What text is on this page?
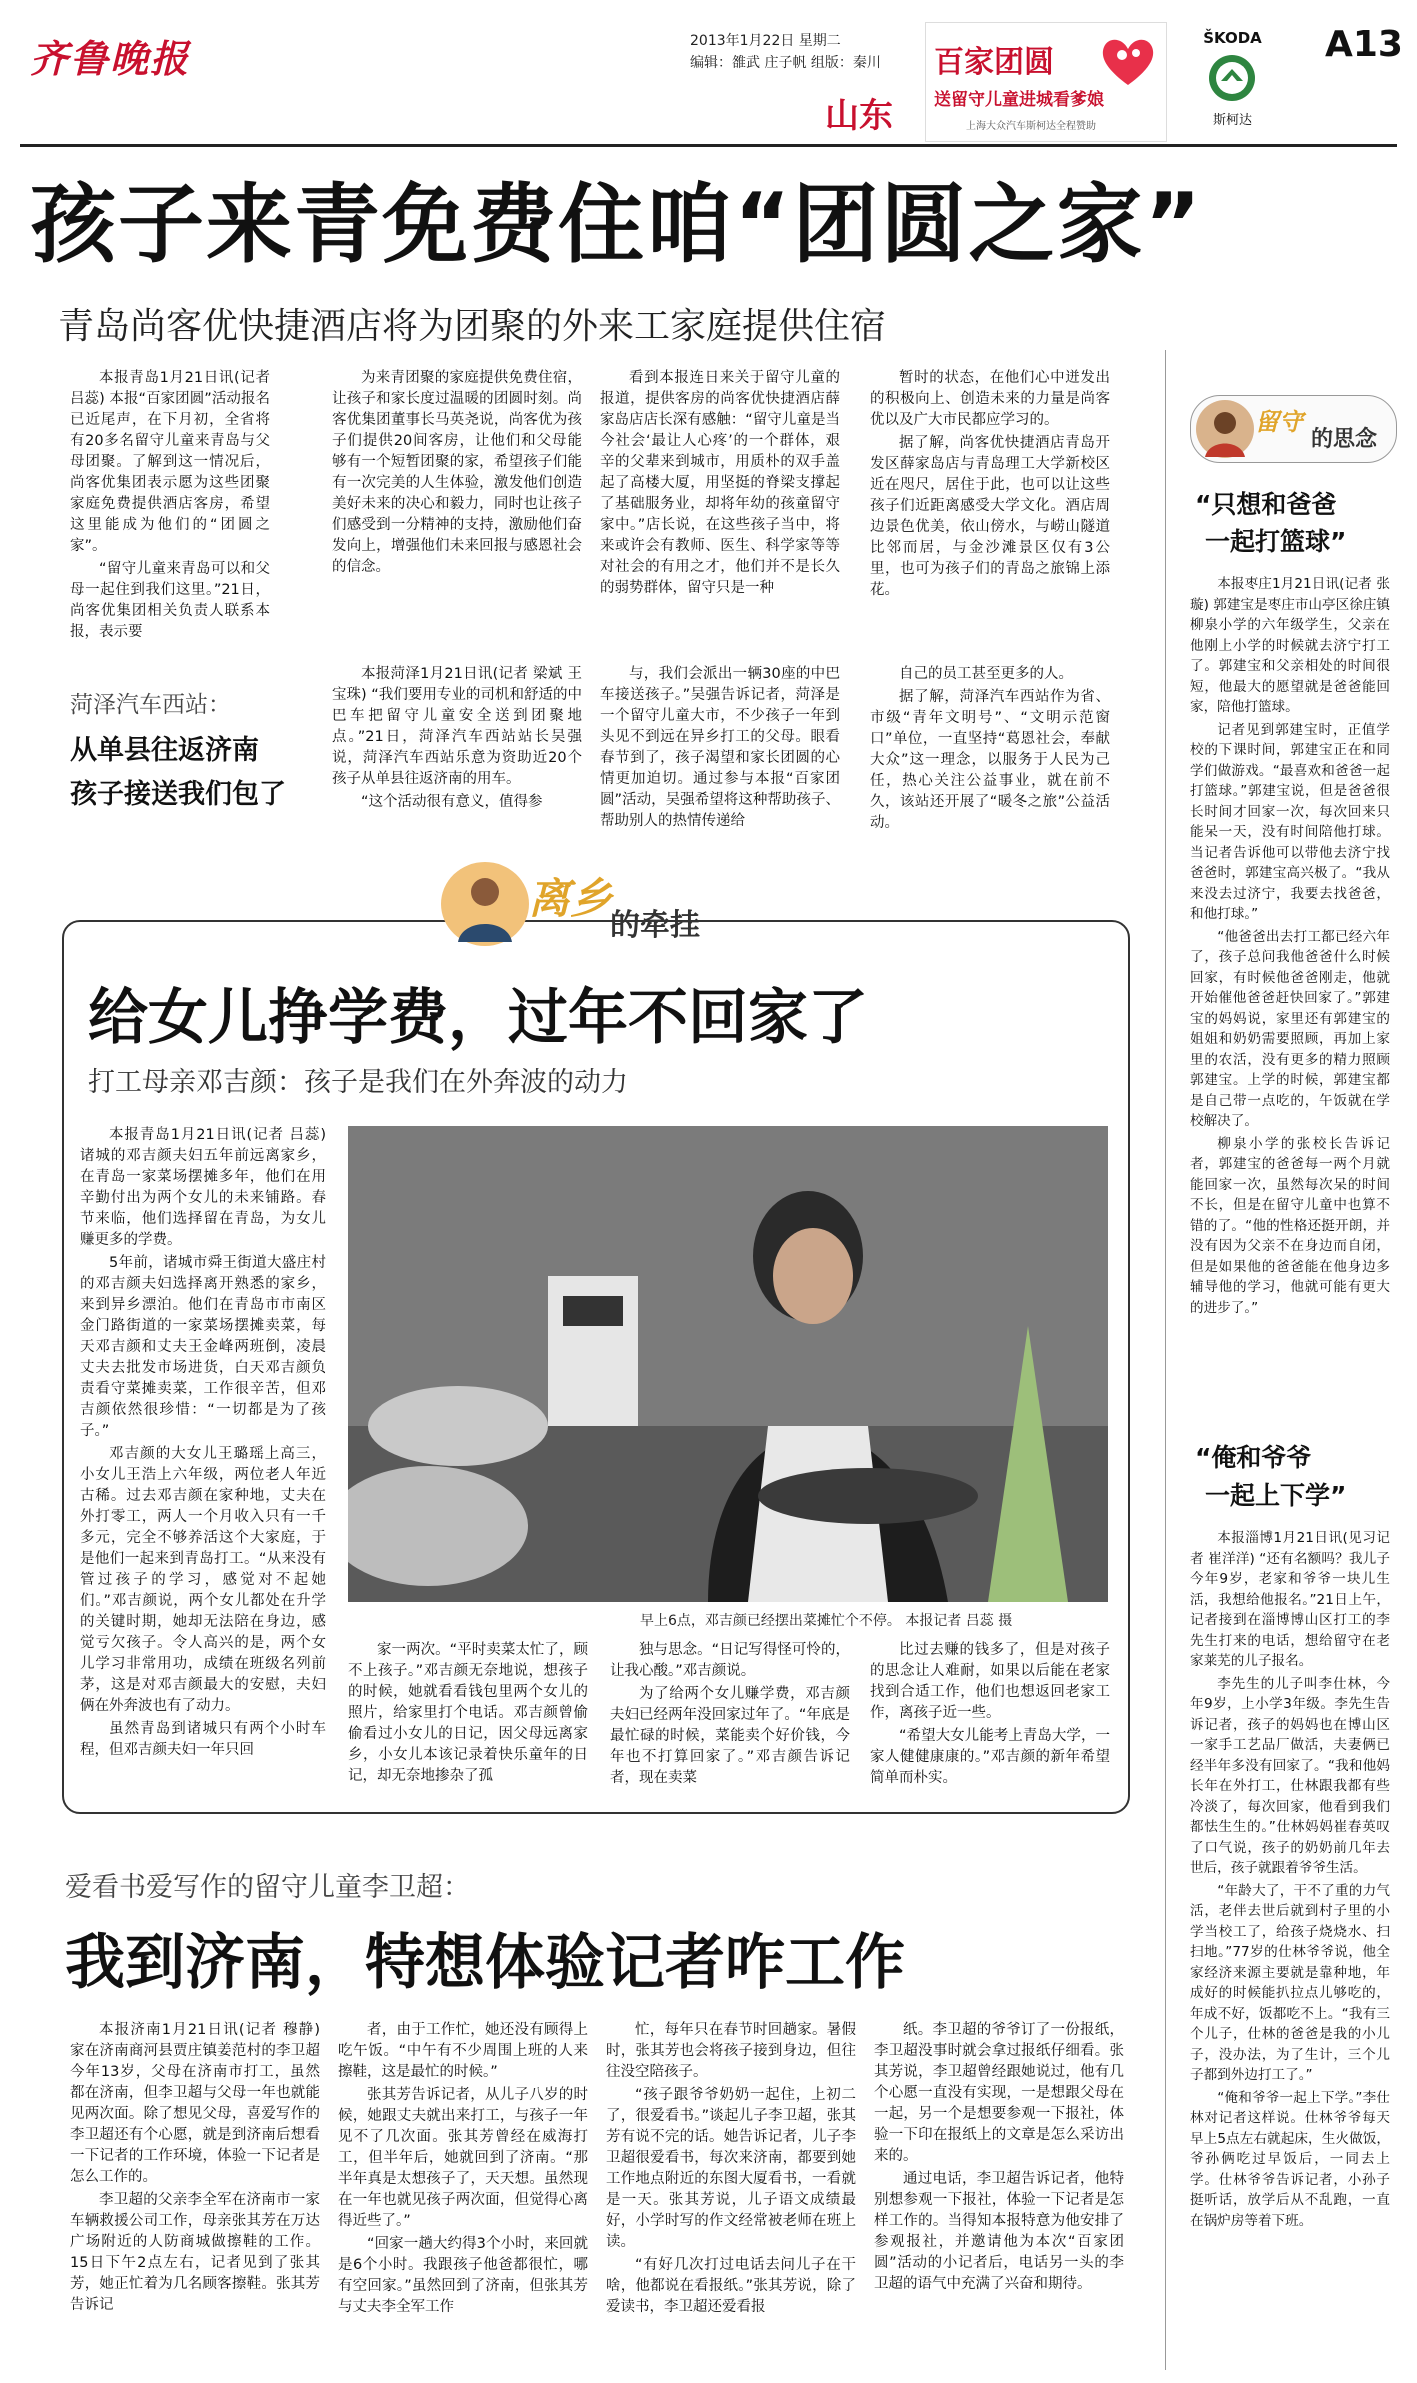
齐鲁晚报	2013年1月22日 星期二
编辑：雒武 庄子帆 组版：秦川
山东
百家团圆
送留守儿童进城看爹娘
上海大众汽车斯柯达全程赞助
ŠKODA
斯柯达
A13
孩子来青免费住咱“团圆之家”
青岛尚客优快捷酒店将为团聚的外来工家庭提供住宿

本报青岛1月21日讯(记者 吕蕊) 本报“百家团圆”活动报名已近尾声，在下月初，全省将有20多名留守儿童来青岛与父母团聚。了解到这一情况后，尚客优集团表示愿为这些团聚家庭免费提供酒店客房，希望这里能成为他们的“团圆之家”。

“留守儿童来青岛可以和父母一起住到我们这里。”21日，尚客优集团相关负责人联系本报，表示要

为来青团聚的家庭提供免费住宿，让孩子和家长度过温暖的团圆时刻。尚客优集团董事长马英尧说，尚客优为孩子们提供20间客房，让他们和父母能够有一个短暂团聚的家，希望孩子们能有一次完美的人生体验，激发他们创造美好未来的决心和毅力，同时也让孩子们感受到一分精神的支持，激励他们奋发向上，增强他们未来回报与感恩社会的信念。

看到本报连日来关于留守儿童的报道，提供客房的尚客优快捷酒店薛家岛店店长深有感触：“留守儿童是当今社会‘最让人心疼’的一个群体，艰辛的父辈来到城市，用质朴的双手盖起了高楼大厦，用坚挺的脊梁支撑起了基础服务业，却将年幼的孩童留守家中。”店长说，在这些孩子当中，将来或许会有教师、医生、科学家等等对社会的有用之才，他们并不是长久的弱势群体，留守只是一种

暂时的状态，在他们心中迸发出的积极向上、创造未来的力量是尚客优以及广大市民都应学习的。

据了解，尚客优快捷酒店青岛开发区薛家岛店与青岛理工大学新校区近在咫尺，居住于此，也可以让这些孩子们近距离感受大学文化。酒店周边景色优美，依山傍水，与崂山隧道比邻而居，与金沙滩景区仅有3公里，也可为孩子们的青岛之旅锦上添花。

菏泽汽车西站：
从单县往返济南
孩子接送我们包了

本报菏泽1月21日讯(记者 梁斌 王宝珠) “我们要用专业的司机和舒适的中巴车把留守儿童安全送到团聚地点。”21日，菏泽汽车西站站长吴强说，菏泽汽车西站乐意为资助近20个孩子从单县往返济南的用车。

“这个活动很有意义，值得参

与，我们会派出一辆30座的中巴车接送孩子。”吴强告诉记者，菏泽是一个留守儿童大市，不少孩子一年到头见不到远在异乡打工的父母。眼看春节到了，孩子渴望和家长团圆的心情更加迫切。通过参与本报“百家团圆”活动，吴强希望将这种帮助孩子、帮助别人的热情传递给

自己的员工甚至更多的人。

据了解，菏泽汽车西站作为省、市级“青年文明号”、“文明示范窗口”单位，一直坚持“葛恩社会，奉献大众”这一理念，以服务于人民为己任，热心关注公益事业，就在前不久，该站还开展了“暖冬之旅”公益活动。

离乡
的牵挂
给女儿挣学费，过年不回家了
打工母亲邓吉颜：孩子是我们在外奔波的动力

本报青岛1月21日讯(记者 吕蕊) 诸城的邓吉颜夫妇五年前远离家乡，在青岛一家菜场摆摊多年，他们在用辛勤付出为两个女儿的未来铺路。春节来临，他们选择留在青岛，为女儿赚更多的学费。

5年前，诸城市舜王街道大盛庄村的邓吉颜夫妇选择离开熟悉的家乡，来到异乡漂泊。他们在青岛市市南区金门路街道的一家菜场摆摊卖菜，每天邓吉颜和丈夫王金峰两班倒，凌晨丈夫去批发市场进货，白天邓吉颜负责看守菜摊卖菜，工作很辛苦，但邓吉颜依然很珍惜：“一切都是为了孩子。”

邓吉颜的大女儿王璐瑶上高三，小女儿王浩上六年级，两位老人年近古稀。过去邓吉颜在家种地，丈夫在外打零工，两人一个月收入只有一千多元，完全不够养活这个大家庭，于是他们一起来到青岛打工。“从来没有管过孩子的学习，感觉对不起她们。”邓吉颜说，两个女儿都处在升学的关键时期，她却无法陪在身边，感觉亏欠孩子。令人高兴的是，两个女儿学习非常用功，成绩在班级名列前茅，这是对邓吉颜最大的安慰，夫妇俩在外奔波也有了动力。

虽然青岛到诸城只有两个小时车程，但邓吉颜夫妇一年只回

早上6点，邓吉颜已经摆出菜摊忙个不停。 本报记者 吕蕊 摄

家一两次。“平时卖菜太忙了，顾不上孩子。”邓吉颜无奈地说，想孩子的时候，她就看看钱包里两个女儿的照片，给家里打个电话。邓吉颜曾偷偷看过小女儿的日记，因父母远离家乡，小女儿本该记录着快乐童年的日记，却无奈地掺杂了孤

独与思念。“日记写得怪可怜的，让我心酸。”邓吉颜说。

为了给两个女儿赚学费，邓吉颜夫妇已经两年没回家过年了。“年底是最忙碌的时候，菜能卖个好价钱，今年也不打算回家了。”邓吉颜告诉记者，现在卖菜

比过去赚的钱多了，但是对孩子的思念让人难耐，如果以后能在老家找到合适工作，他们也想返回老家工作，离孩子近一些。

“希望大女儿能考上青岛大学，一家人健健康康的。”邓吉颜的新年希望简单而朴实。

爱看书爱写作的留守儿童李卫超：
我到济南，特想体验记者咋工作

本报济南1月21日讯(记者 穆静) 家在济南商河县贾庄镇姜范村的李卫超今年13岁，父母在济南市打工，虽然都在济南，但李卫超与父母一年也就能见两次面。除了想见父母，喜爱写作的李卫超还有个心愿，就是到济南后想看一下记者的工作环境，体验一下记者是怎么工作的。

李卫超的父亲李全军在济南市一家车辆救援公司工作，母亲张其芳在万达广场附近的人防商城做擦鞋的工作。15日下午2点左右，记者见到了张其芳，她正忙着为几名顾客擦鞋。张其芳告诉记

者，由于工作忙，她还没有顾得上吃午饭。“中午有不少周围上班的人来擦鞋，这是最忙的时候。”

张其芳告诉记者，从儿子八岁的时候，她跟丈夫就出来打工，与孩子一年见不了几次面。张其芳曾经在威海打工，但半年后，她就回到了济南。“那半年真是太想孩子了，天天想。虽然现在一年也就见孩子两次面，但觉得心离得近些了。”

“回家一趟大约得3个小时，来回就是6个小时。我跟孩子他爸都很忙，哪有空回家。”虽然回到了济南，但张其芳与丈夫李全军工作

忙，每年只在春节时回趟家。暑假时，张其芳也会将孩子接到身边，但往往没空陪孩子。

“孩子跟爷爷奶奶一起住，上初二了，很爱看书。”谈起儿子李卫超，张其芳有说不完的话。她告诉记者，儿子李卫超很爱看书，每次来济南，都要到她工作地点附近的东图大厦看书，一看就是一天。张其芳说，儿子语文成绩最好，小学时写的作文经常被老师在班上读。

“有好几次打过电话去问儿子在干啥，他都说在看报纸。”张其芳说，除了爱读书，李卫超还爱看报

纸。李卫超的爷爷订了一份报纸，李卫超没事时就会拿过报纸仔细看。张其芳说，李卫超曾经跟她说过，他有几个心愿一直没有实现，一是想跟父母在一起，另一个是想要参观一下报社，体验一下印在报纸上的文章是怎么采访出来的。

通过电话，李卫超告诉记者，他特别想参观一下报社，体验一下记者是怎样工作的。当得知本报特意为他安排了参观报社，并邀请他为本次“百家团圆”活动的小记者后，电话另一头的李卫超的语气中充满了兴奋和期待。

留守
的思念
“只想和爸爸
一起打篮球”

本报枣庄1月21日讯(记者 张璇) 郭建宝是枣庄市山亭区徐庄镇柳泉小学的六年级学生，父亲在他刚上小学的时候就去济宁打工了。郭建宝和父亲相处的时间很短，他最大的愿望就是爸爸能回家，陪他打篮球。

记者见到郭建宝时，正值学校的下课时间，郭建宝正在和同学们做游戏。“最喜欢和爸爸一起打篮球。”郭建宝说，但是爸爸很长时间才回家一次，每次回来只能呆一天，没有时间陪他打球。当记者告诉他可以带他去济宁找爸爸时，郭建宝高兴极了。“我从来没去过济宁，我要去找爸爸，和他打球。”

“他爸爸出去打工都已经六年了，孩子总问我他爸爸什么时候回家，有时候他爸爸刚走，他就开始催他爸爸赶快回家了。”郭建宝的妈妈说，家里还有郭建宝的姐姐和奶奶需要照顾，再加上家里的农活，没有更多的精力照顾郭建宝。上学的时候，郭建宝都是自己带一点吃的，午饭就在学校解决了。

柳泉小学的张校长告诉记者，郭建宝的爸爸每一两个月就能回家一次，虽然每次呆的时间不长，但是在留守儿童中也算不错的了。“他的性格还挺开朗，并没有因为父亲不在身边而自闭，但是如果他的爸爸能在他身边多辅导他的学习，他就可能有更大的进步了。”

“俺和爷爷
一起上下学”

本报淄博1月21日讯(见习记者 崔洋洋) “还有名额吗？我儿子今年9岁，老家和爷爷一块儿生活，我想给他报名。”21日上午，记者接到在淄博博山区打工的李先生打来的电话，想给留守在老家莱芜的儿子报名。

李先生的儿子叫李仕林，今年9岁，上小学3年级。李先生告诉记者，孩子的妈妈也在博山区一家手工艺品厂做活，夫妻俩已经半年多没有回家了。“我和他妈长年在外打工，仕林跟我都有些冷淡了，每次回家，他看到我们都怯生生的。”仕林妈妈崔春英叹了口气说，孩子的奶奶前几年去世后，孩子就跟着爷爷生活。

“年龄大了，干不了重的力气活，老伴去世后就到村子里的小学当校工了，给孩子烧烧水、扫扫地。”77岁的仕林爷爷说，他全家经济来源主要就是靠种地，年成好的时候能扒拉点儿够吃的，年成不好，饭都吃不上。“我有三个儿子，仕林的爸爸是我的小儿子，没办法，为了生计，三个儿子都到外边打工了。”

“俺和爷爷一起上下学。”李仕林对记者这样说。仕林爷爷每天早上5点左右就起床，生火做饭，爷孙俩吃过早饭后，一同去上学。仕林爷爷告诉记者，小孙子挺听话，放学后从不乱跑，一直在锅炉房等着下班。
